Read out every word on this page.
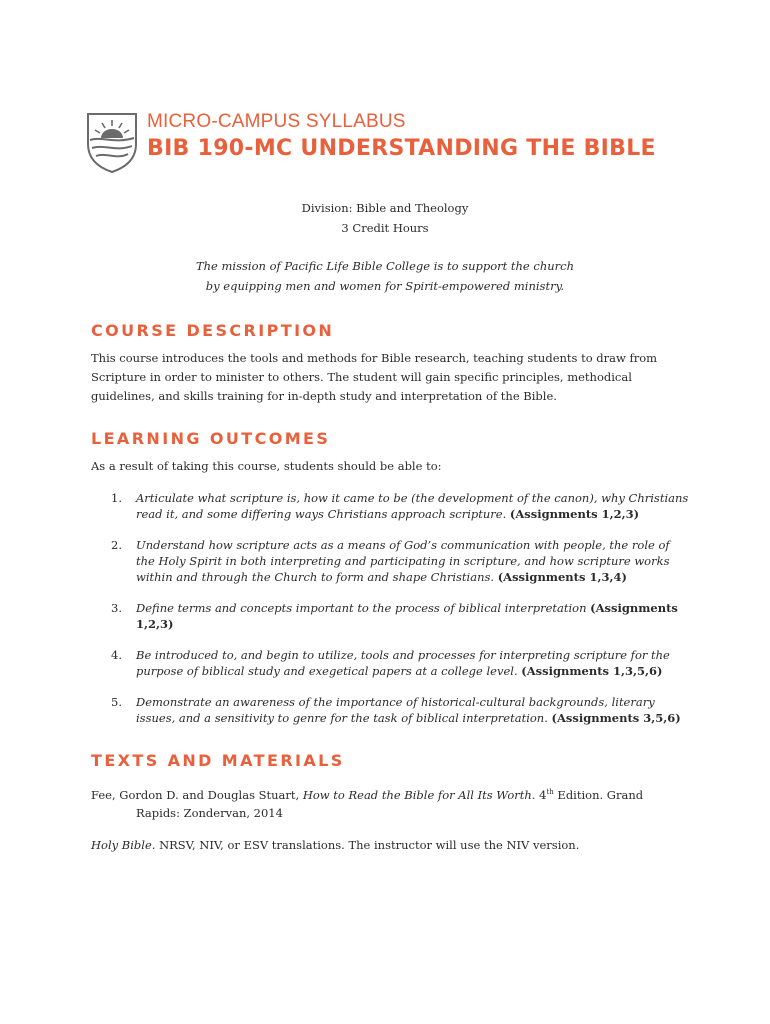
MICRO-CAMPUS SYLLABUS
BIB 190-MC UNDERSTANDING THE BIBLE
Division: Bible and Theology
3 Credit Hours
The mission of Pacific Life Bible College is to support the church
by equipping men and women for Spirit-empowered ministry.
COURSE DESCRIPTION
This course introduces the tools and methods for Bible research, teaching students to draw from
Scripture in order to minister to others. The student will gain specific principles, methodical
guidelines, and skills training for in-depth study and interpretation of the Bible.
LEARNING OUTCOMES
As a result of taking this course, students should be able to:
1. Articulate what scripture is, how it came to be (the development of the canon), why Christians read it, and some differing ways Christians approach scripture. (Assignments 1,2,3)
2. Understand how scripture acts as a means of God’s communication with people, the role of the Holy Spirit in both interpreting and participating in scripture, and how scripture works within and through the Church to form and shape Christians. (Assignments 1,3,4)
3. Define terms and concepts important to the process of biblical interpretation (Assignments 1,2,3)
4. Be introduced to, and begin to utilize, tools and processes for interpreting scripture for the purpose of biblical study and exegetical papers at a college level. (Assignments 1,3,5,6)
5. Demonstrate an awareness of the importance of historical-cultural backgrounds, literary issues, and a sensitivity to genre for the task of biblical interpretation. (Assignments 3,5,6)
TEXTS AND MATERIALS
Fee, Gordon D. and Douglas Stuart, How to Read the Bible for All Its Worth. 4th Edition. Grand
Rapids: Zondervan, 2014
Holy Bible. NRSV, NIV, or ESV translations. The instructor will use the NIV version.
